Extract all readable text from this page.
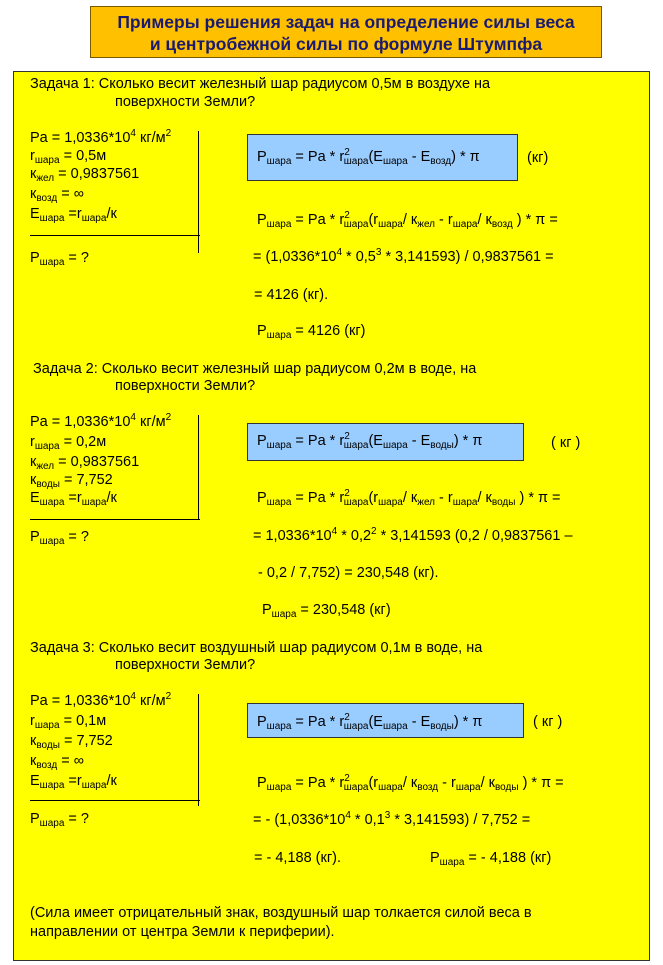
Примеры решения задач на определение силы веса
и центробежной силы по формуле Штумпфа
Задача 1: Сколько весит железный шар радиусом 0,5м в воздухе на
поверхности Земли?
$Pa = 1,0336*10^4$ $кг/м^2$
$r_{шара} = 0,5м$
$к_{жел} = 0,9837561$
$к_{возд}$ = ∞
$Е_{шара} =r_{шара}/к$
$P_{шара}$ = ?
$P_{шара} = Pa * r^2_{шара}(E_{шара} - E_{возд}) * \pi$	(кг)
$P_{шара} = Pa * r^2_{шара}(r_{шара}/$ $к_{жел} - r_{шара}/$ $к_{возд}$ ) * π =
= $(1,0336*10^4 * 0,5^3 * 3,141593) / 0,9837561$ =
= 4126 (кг).
$P_{шара} = 4126$ (кг)
Задача 2: Сколько весит железный шар радиусом 0,2м в воде, на
поверхности Земли?
$Pa = 1,0336*10^4$ $кг/м^2$
$r_{шара} = 0,2м$
$к_{жел} = 0,9837561$
$к_{воды} = 7,752$
$Е_{шара} =r_{шара}/к$
$P_{шара}$ = ?
$P_{шара} = Pa * r^2_{шара}(E_{шара} - E_{воды}) * \pi$	( кг )
$P_{шара} = Pa * r^2_{шара}(r_{шара}/$ $к_{жел} - r_{шара}/$ $к_{воды}$ ) * π =
= $1,0336*10^4 * 0,2^2 * 3,141593$ (0,2 / 0,9837561 –
- 0,2 / 7,752) = 230,548 (кг).
$P_{шара} = 230,548$ (кг)
Задача 3: Сколько весит воздушный шар радиусом 0,1м в воде, на
поверхности Земли?
$Pa = 1,0336*10^4$ $кг/м^2$
$r_{шара} = 0,1м$
$к_{воды} = 7,752$
$к_{возд}$ = ∞
$Е_{шара} =r_{шара}/к$
$P_{шара}$ = ?
$P_{шара} = Pa * r^2_{шара}(E_{шара} - E_{воды}) * \pi$	( кг )
$P_{шара} = Pa * r^2_{шара}(r_{шара}/$ $к_{возд} - r_{шара}/$ $к_{воды}$ ) * π =
= - $(1,0336*10^4 * 0,1^3 * 3,141593) / 7,752$ =
= - 4,188 (кг).	$P_{шара}$ = - 4,188 (кг)
(Сила имеет отрицательный знак, воздушный шар толкается силой веса в
направлении от центра Земли к периферии).
